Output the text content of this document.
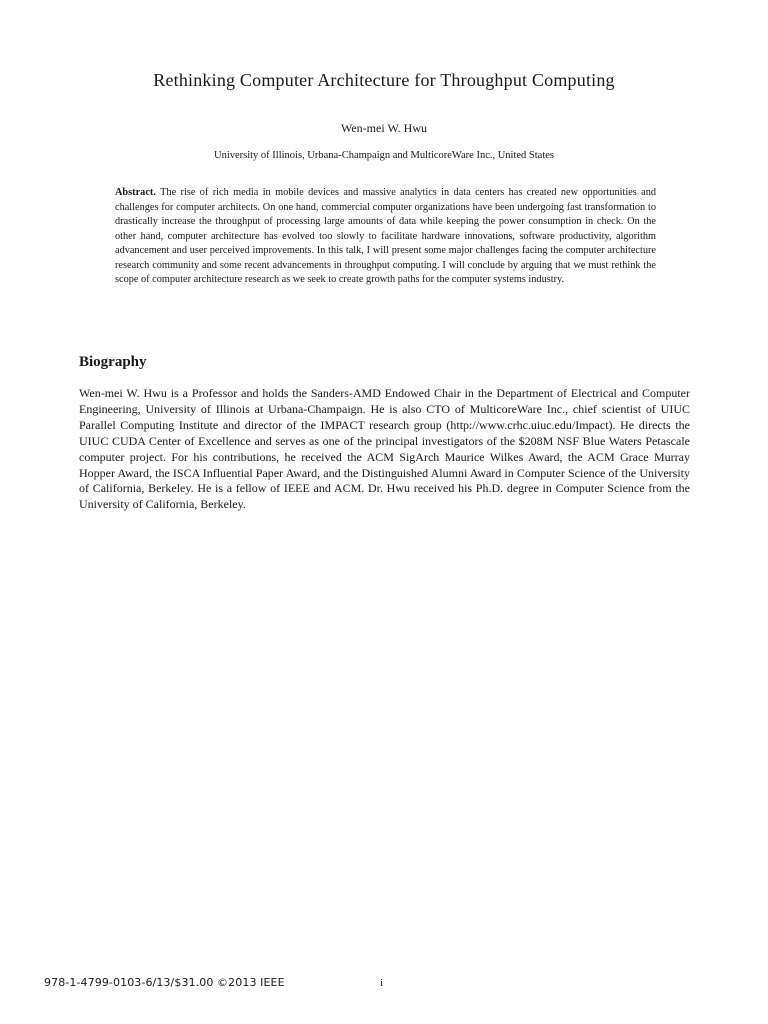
Rethinking Computer Architecture for Throughput Computing
Wen-mei W. Hwu
University of Illinois, Urbana-Champaign and MulticoreWare Inc., United States

Abstract. The rise of rich media in mobile devices and massive analytics in data centers has created new opportunities and challenges for computer architects. On one hand, commercial computer organizations have been undergoing fast transformation to drastically increase the throughput of processing large amounts of data while keeping the power consumption in check. On the other hand, computer architecture has evolved too slowly to facilitate hardware innovations, software productivity, algorithm advancement and user perceived improvements. In this talk, I will present some major challenges facing the computer architecture research community and some recent advancements in throughput computing. I will conclude by arguing that we must rethink the scope of computer architecture research as we seek to create growth paths for the computer systems industry.

Biography

Wen-mei W. Hwu is a Professor and holds the Sanders-AMD Endowed Chair in the Department of Electrical and Computer Engineering, University of Illinois at Urbana-Champaign. He is also CTO of MulticoreWare Inc., chief scientist of UIUC Parallel Computing Institute and director of the IMPACT research group (http://www.crhc.uiuc.edu/Impact). He directs the UIUC CUDA Center of Excellence and serves as one of the principal investigators of the $208M NSF Blue Waters Petascale computer project. For his contributions, he received the ACM SigArch Maurice Wilkes Award, the ACM Grace Murray Hopper Award, the ISCA Influential Paper Award, and the Distinguished Alumni Award in Computer Science of the University of California, Berkeley. He is a fellow of IEEE and ACM. Dr. Hwu received his Ph.D. degree in Computer Science from the University of California, Berkeley.

978-1-4799-0103-6/13/$31.00 ©2013 IEEE	i
